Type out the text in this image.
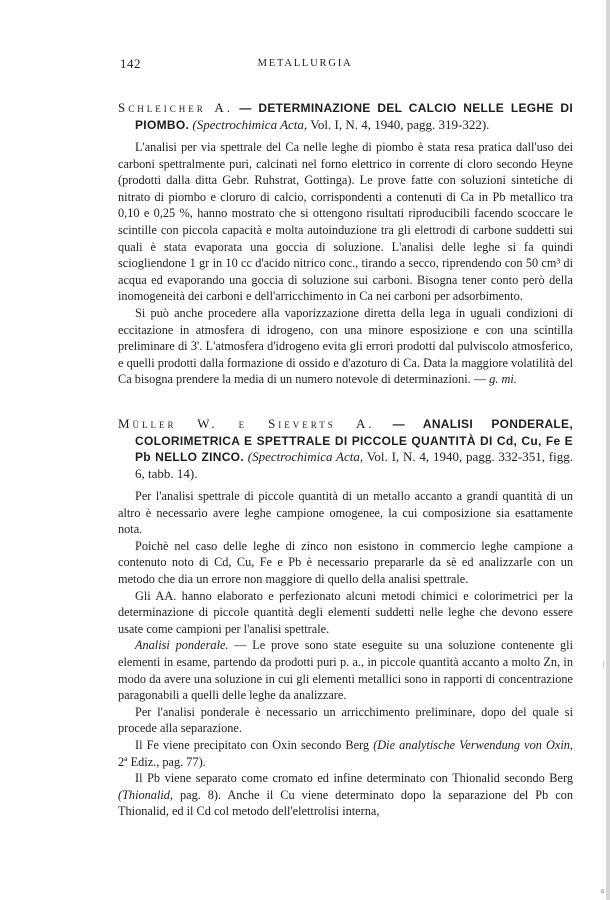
|
a
142	METALLURGIA

Schleicher A. — DETERMINAZIONE DEL CALCIO NELLE LEGHE DI PIOMBO. (Spectrochimica Acta, Vol. I, N. 4, 1940, pagg. 319-322).

L'analisi per via spettrale del Ca nelle leghe di piombo è stata resa pratica dall'uso dei carboni spettralmente puri, calcinati nel forno elettrico in corrente di cloro secondo Heyne (prodotti dalla ditta Gebr. Ruhstrat, Gottinga). Le prove fatte con soluzioni sintetiche di nitrato di piombo e cloruro di calcio, corrispondenti a contenuti di Ca in Pb metallico tra 0,10 e 0,25 %, hanno mostrato che si ottengono risultati riproducibili facendo scoccare le scintille con piccola capacità e molta autoinduzione tra gli elettrodi di carbone suddetti sui quali è stata evaporata una goccia di soluzione. L'analisi delle leghe si fa quindi sciogliendone 1 gr in 10 cc d'acido nitrico conc., tirando a secco, riprendendo con 50 cm³ di acqua ed evaporando una goccia di soluzione sui carboni. Bisogna tener conto però della inomogeneità dei carboni e dell'arricchimento in Ca nei carboni per adsorbimento.

Si può anche procedere alla vaporizzazione diretta della lega in uguali condizioni di eccitazione in atmosfera di idrogeno, con una minore esposizione e con una scintilla preliminare di 3'. L'atmosfera d'idrogeno evita gli errori prodotti dal pulviscolo atmosferico, e quelli prodotti dalla formazione di ossido e d'azoturo di Ca. Data la maggiore volatilità del Ca bisogna prendere la media di un numero notevole di determinazioni. — g. mi.

Müller W. e Sieverts A. — ANALISI PONDERALE, COLORIMETRICA E SPETTRALE DI PICCOLE QUANTITÀ DI Cd, Cu, Fe E Pb NELLO ZINCO. (Spectrochimica Acta, Vol. I, N. 4, 1940, pagg. 332-351, figg. 6, tabb. 14).

Per l'analisi spettrale di piccole quantità di un metallo accanto a grandi quantità di un altro è necessario avere leghe campione omogenee, la cui composizione sia esattamente nota.

Poichè nel caso delle leghe di zinco non esistono in commercio leghe campione a contenuto noto di Cd, Cu, Fe e Pb è necessario prepararle da sè ed analizzarle con un metodo che dia un errore non maggiore di quello della analisi spettrale.

Gli AA. hanno elaborato e perfezionato alcuni metodi chimici e colorimetrici per la determinazione di piccole quantità degli elementi suddetti nelle leghe che devono essere usate come campioni per l'analisi spettrale.

Analisi ponderale. — Le prove sono state eseguite su una soluzione contenente gli elementi in esame, partendo da prodotti puri p. a., in piccole quantità accanto a molto Zn, in modo da avere una soluzione in cui gli elementi metallici sono in rapporti di concentrazione paragonabili a quelli delle leghe da analizzare.

Per l'analisi ponderale è necessario un arricchimento preliminare, dopo del quale si procede alla separazione.

Il Fe viene precipitato con Oxin secondo Berg (Die analytische Verwendung von Oxin, 2ª Ediz., pag. 77).

Il Pb viene separato come cromato ed infine determinato con Thionalid secondo Berg (Thionalid, pag. 8). Anche il Cu viene determinato dopo la separazione del Pb con Thionalid, ed il Cd col metodo dell'elettrolisi interna,
